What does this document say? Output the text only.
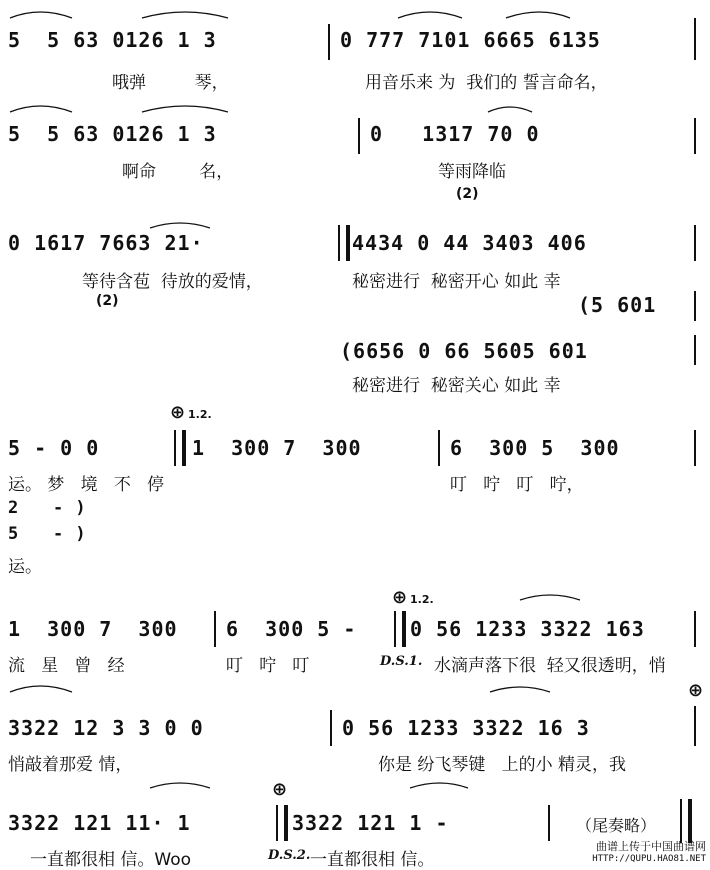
5  5 63 0126 1 3	0 777 7101 6665 6135
哦弹         琴，	用音乐来 为  我们的 誓言命名，
5  5 63 0126 1 3	0   1317 70 0
啊命        名，	等雨降临
(2)
0 1617 7663 21·	4434 0 44 3403 406
等待含苞  待放的爱情，	秘密进行  秘密开心 如此 幸
(2)	(5 601
(6656 0 66 5605 601
秘密进行  秘密关心 如此 幸
⊕ 1.2.
5 - 0 0	1  300 7  300	6  300 5  300
运。 梦   境   不   停	叮   咛   叮   咛，
2   - )
5   - )
运。
⊕ 1.2.
1  300 7  300 6  300 5 -	0 56 1233 3322 163
流   星   曾   经	叮   咛   叮	D.S.1. 水滴声落下很  轻又很透明，悄
⊕
3322 12 3 3 0 0	0 56 1233 3322 16 3
悄敲着那爱 情，	你是 纷飞琴键   上的小 精灵，我
⊕
3322 121 11· 1	3322 121 1 -	（尾奏略）
一直都很相 信。Woo	D.S.2. 一直都很相 信。
曲谱上传于中国曲谱网
HTTP://QUPU.HAO81.NET
